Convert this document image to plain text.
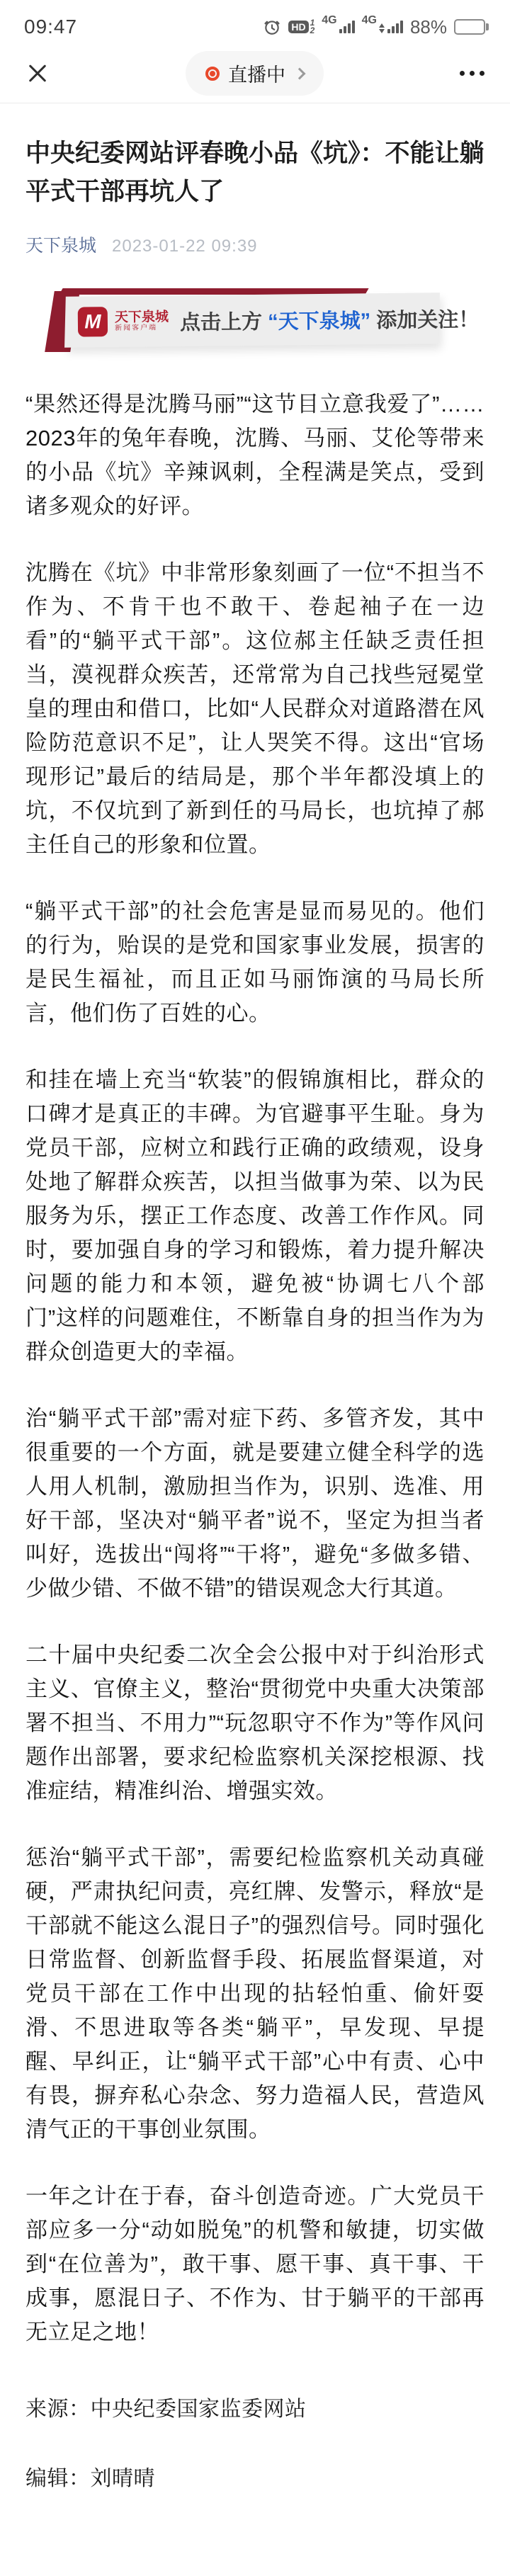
09:47	HD 1
2
4G 4G 88%
直播中
中央纪委网站评春晚小品《坑》：不能让躺平式干部再坑人了
天下泉城 2023-01-22 09:39
M	天下泉城
新闻客户端	点击上方 “天下泉城” 添加关注！

“果然还得是沈腾马丽”“这节目立意我爱了”……2023年的兔年春晚，沈腾、马丽、艾伦等带来的小品《坑》辛辣讽刺，全程满是笑点，受到诸多观众的好评。

沈腾在《坑》中非常形象刻画了一位“不担当不作为、不肯干也不敢干、卷起袖子在一边看”的“躺平式干部”。这位郝主任缺乏责任担当，漠视群众疾苦，还常常为自己找些冠冕堂皇的理由和借口，比如“人民群众对道路潜在风险防范意识不足”，让人哭笑不得。这出“官场现形记”最后的结局是，那个半年都没填上的坑，不仅坑到了新到任的马局长，也坑掉了郝主任自己的形象和位置。

“躺平式干部”的社会危害是显而易见的。他们的行为，贻误的是党和国家事业发展，损害的是民生福祉，而且正如马丽饰演的马局长所言，他们伤了百姓的心。

和挂在墙上充当“软装”的假锦旗相比，群众的口碑才是真正的丰碑。为官避事平生耻。身为党员干部，应树立和践行正确的政绩观，设身处地了解群众疾苦，以担当做事为荣、以为民服务为乐，摆正工作态度、改善工作作风。同时，要加强自身的学习和锻炼，着力提升解决问题的能力和本领，避免被“协调七八个部门”这样的问题难住，不断靠自身的担当作为为群众创造更大的幸福。

治“躺平式干部”需对症下药、多管齐发，其中很重要的一个方面，就是要建立健全科学的选人用人机制，激励担当作为，识别、选准、用好干部，坚决对“躺平者”说不，坚定为担当者叫好，选拔出“闯将”“干将”，避免“多做多错、少做少错、不做不错”的错误观念大行其道。

二十届中央纪委二次全会公报中对于纠治形式主义、官僚主义，整治“贯彻党中央重大决策部署不担当、不用力”“玩忽职守不作为”等作风问题作出部署，要求纪检监察机关深挖根源、找准症结，精准纠治、增强实效。

惩治“躺平式干部”，需要纪检监察机关动真碰硬，严肃执纪问责，亮红牌、发警示，释放“是干部就不能这么混日子”的强烈信号。同时强化日常监督、创新监督手段、拓展监督渠道，对党员干部在工作中出现的拈轻怕重、偷奸耍滑、不思进取等各类“躺平”，早发现、早提醒、早纠正，让“躺平式干部”心中有责、心中有畏，摒弃私心杂念、努力造福人民，营造风清气正的干事创业氛围。

一年之计在于春，奋斗创造奇迹。广大党员干部应多一分“动如脱兔”的机警和敏捷，切实做到“在位善为”，敢干事、愿干事、真干事、干成事，愿混日子、不作为、甘于躺平的干部再无立足之地！

来源：中央纪委国家监委网站

编辑：刘晴晴
